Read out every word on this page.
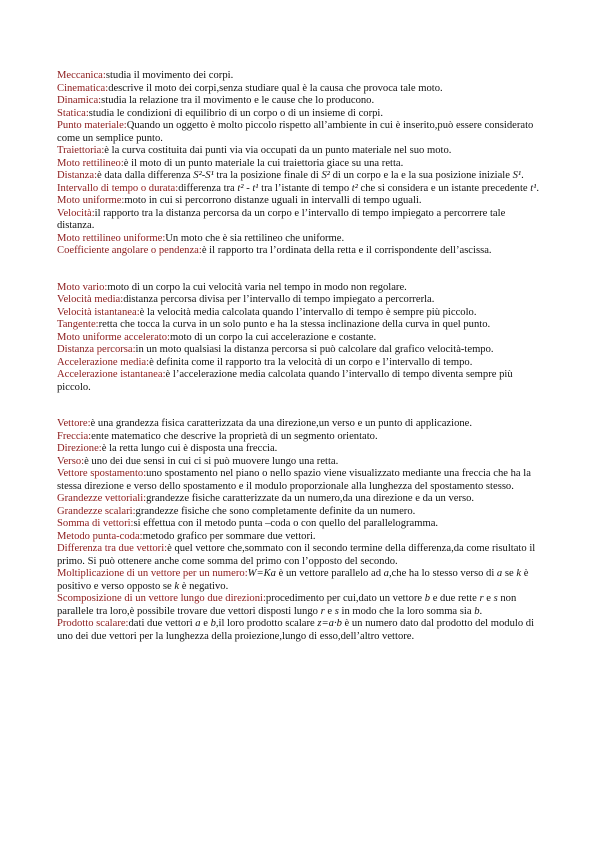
Meccanica:studia il movimento dei corpi.

Cinematica:descrive il moto dei corpi,senza studiare qual è la causa che provoca tale moto.

Dinamica:studia la relazione tra il movimento e le cause che lo producono.

Statica:studia le condizioni di equilibrio di un corpo o di un insieme di corpi.

Punto materiale:Quando un oggetto è molto piccolo rispetto all’ambiente in cui è inserito,può essere considerato come un semplice punto.

Traiettoria:è la curva costituita dai punti via via occupati da un punto materiale nel suo moto.

Moto rettilineo:è il moto di un punto materiale la cui traiettoria giace su una retta.

Distanza:è data dalla differenza S²-S¹ tra la posizione finale di S² di un corpo e la e la sua posizione iniziale S¹.

Intervallo di tempo o durata:differenza tra t² - t¹ tra l’istante di tempo t² che si considera e un istante precedente t¹.

Moto uniforme:moto in cui si percorrono distanze uguali in intervalli di tempo uguali.

Velocità:il rapporto tra la distanza percorsa da un corpo e l’intervallo di tempo impiegato a percorrere tale distanza.

Moto rettilineo uniforme:Un moto che è sia rettilineo che uniforme.

Coefficiente angolare o pendenza:è il rapporto tra l’ordinata della retta e il corrispondente dell’ascissa.

Moto vario:moto di un corpo la cui velocità varia nel tempo in modo non regolare.

Velocità media:distanza percorsa divisa per l’intervallo di tempo impiegato a percorrerla.

Velocità istantanea:è la velocità media calcolata quando l’intervallo di tempo è sempre più piccolo.

Tangente:retta che tocca la curva in un solo punto e ha la stessa inclinazione della curva in quel punto.

Moto uniforme accelerato:moto di un corpo la cui accelerazione e costante.

Distanza percorsa:in un moto qualsiasi la distanza percorsa si può calcolare dal grafico velocità-tempo.

Accelerazione media:è definita come il rapporto tra la velocità di un corpo e l’intervallo di tempo.

Accelerazione istantanea:è l’accelerazione media calcolata quando l’intervallo di tempo diventa sempre più piccolo.

Vettore:è una grandezza fisica caratterizzata da una direzione,un verso e un punto di applicazione.

Freccia:ente matematico che descrive la proprietà di un segmento orientato.

Direzione:è la retta lungo cui è disposta una freccia.

Verso:è uno dei due sensi in cui ci si può muovere lungo una retta.

Vettore spostamento:uno spostamento nel piano o nello spazio viene visualizzato mediante una freccia che ha la stessa direzione e verso dello spostamento e il modulo proporzionale alla lunghezza del spostamento stesso.

Grandezze vettoriali:grandezze fisiche caratterizzate da un numero,da una direzione e da un verso.

Grandezze scalari:grandezze fisiche che sono completamente definite da un numero.

Somma di vettori:si effettua con il metodo punta –coda o con quello del parallelogramma.

Metodo punta-coda:metodo grafico per sommare due vettori.

Differenza tra due vettori:è quel vettore che,sommato con il secondo termine della differenza,da come risultato il primo. Si può ottenere anche come somma del primo con l’opposto del secondo.

Moltiplicazione di un vettore per un numero:W=Ka è un vettore parallelo ad a,che ha lo stesso verso di a se k è positivo e verso opposto se k è negativo.

Scomposizione di un vettore lungo due direzioni:procedimento per cui,dato un vettore b e due rette r e s non parallele tra loro,è possibile trovare due vettori disposti lungo r e s in modo che la loro somma sia b.

Prodotto scalare:dati due vettori a e b,il loro prodotto scalare z=a·b è un numero dato dal prodotto del modulo di uno dei due vettori per la lunghezza della proiezione,lungo di esso,dell’altro vettore.
